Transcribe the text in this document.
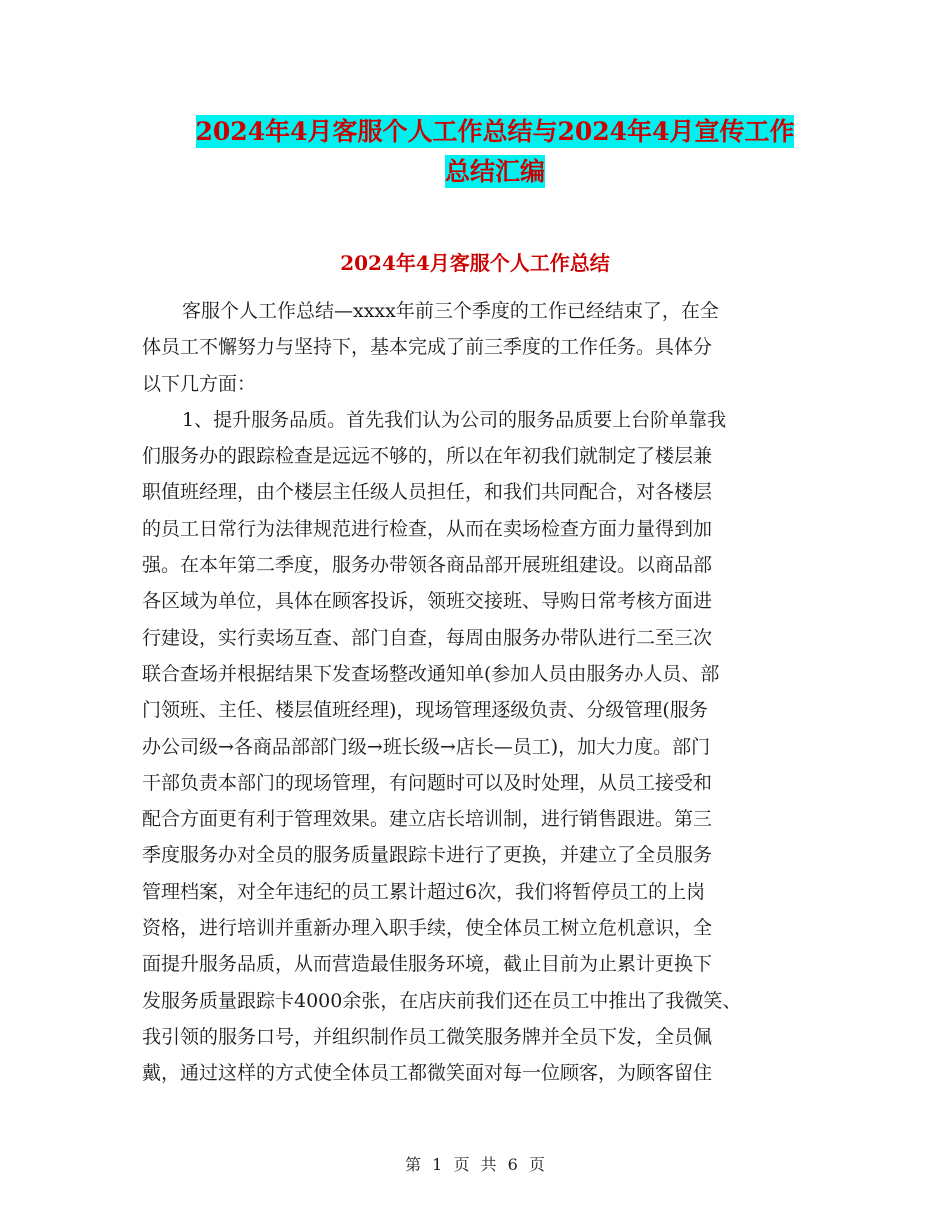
2024年4月客服个人工作总结与2024年4月宣传工作
总结汇编
2024年4月客服个人工作总结
客服个人工作总结—xxxx年前三个季度的工作已经结束了，在全
体员工不懈努力与坚持下，基本完成了前三季度的工作任务。具体分
以下几方面：
1、提升服务品质。首先我们认为公司的服务品质要上台阶单靠我
们服务办的跟踪检查是远远不够的，所以在年初我们就制定了楼层兼
职值班经理，由个楼层主任级人员担任，和我们共同配合，对各楼层
的员工日常行为法律规范进行检查，从而在卖场检查方面力量得到加
强。在本年第二季度，服务办带领各商品部开展班组建设。以商品部
各区域为单位，具体在顾客投诉，领班交接班、导购日常考核方面进
行建设，实行卖场互查、部门自查，每周由服务办带队进行二至三次
联合查场并根据结果下发查场整改通知单(参加人员由服务办人员、部
门领班、主任、楼层值班经理)，现场管理逐级负责、分级管理(服务
办公司级→各商品部部门级→班长级→店长—员工)，加大力度。部门
干部负责本部门的现场管理，有问题时可以及时处理，从员工接受和
配合方面更有利于管理效果。建立店长培训制，进行销售跟进。第三
季度服务办对全员的服务质量跟踪卡进行了更换，并建立了全员服务
管理档案，对全年违纪的员工累计超过6次，我们将暂停员工的上岗
资格，进行培训并重新办理入职手续，使全体员工树立危机意识，全
面提升服务品质，从而营造最佳服务环境，截止目前为止累计更换下
发服务质量跟踪卡4000余张，在店庆前我们还在员工中推出了我微笑、
我引领的服务口号，并组织制作员工微笑服务牌并全员下发，全员佩
戴，通过这样的方式使全体员工都微笑面对每一位顾客，为顾客留住
第 1 页 共 6 页
